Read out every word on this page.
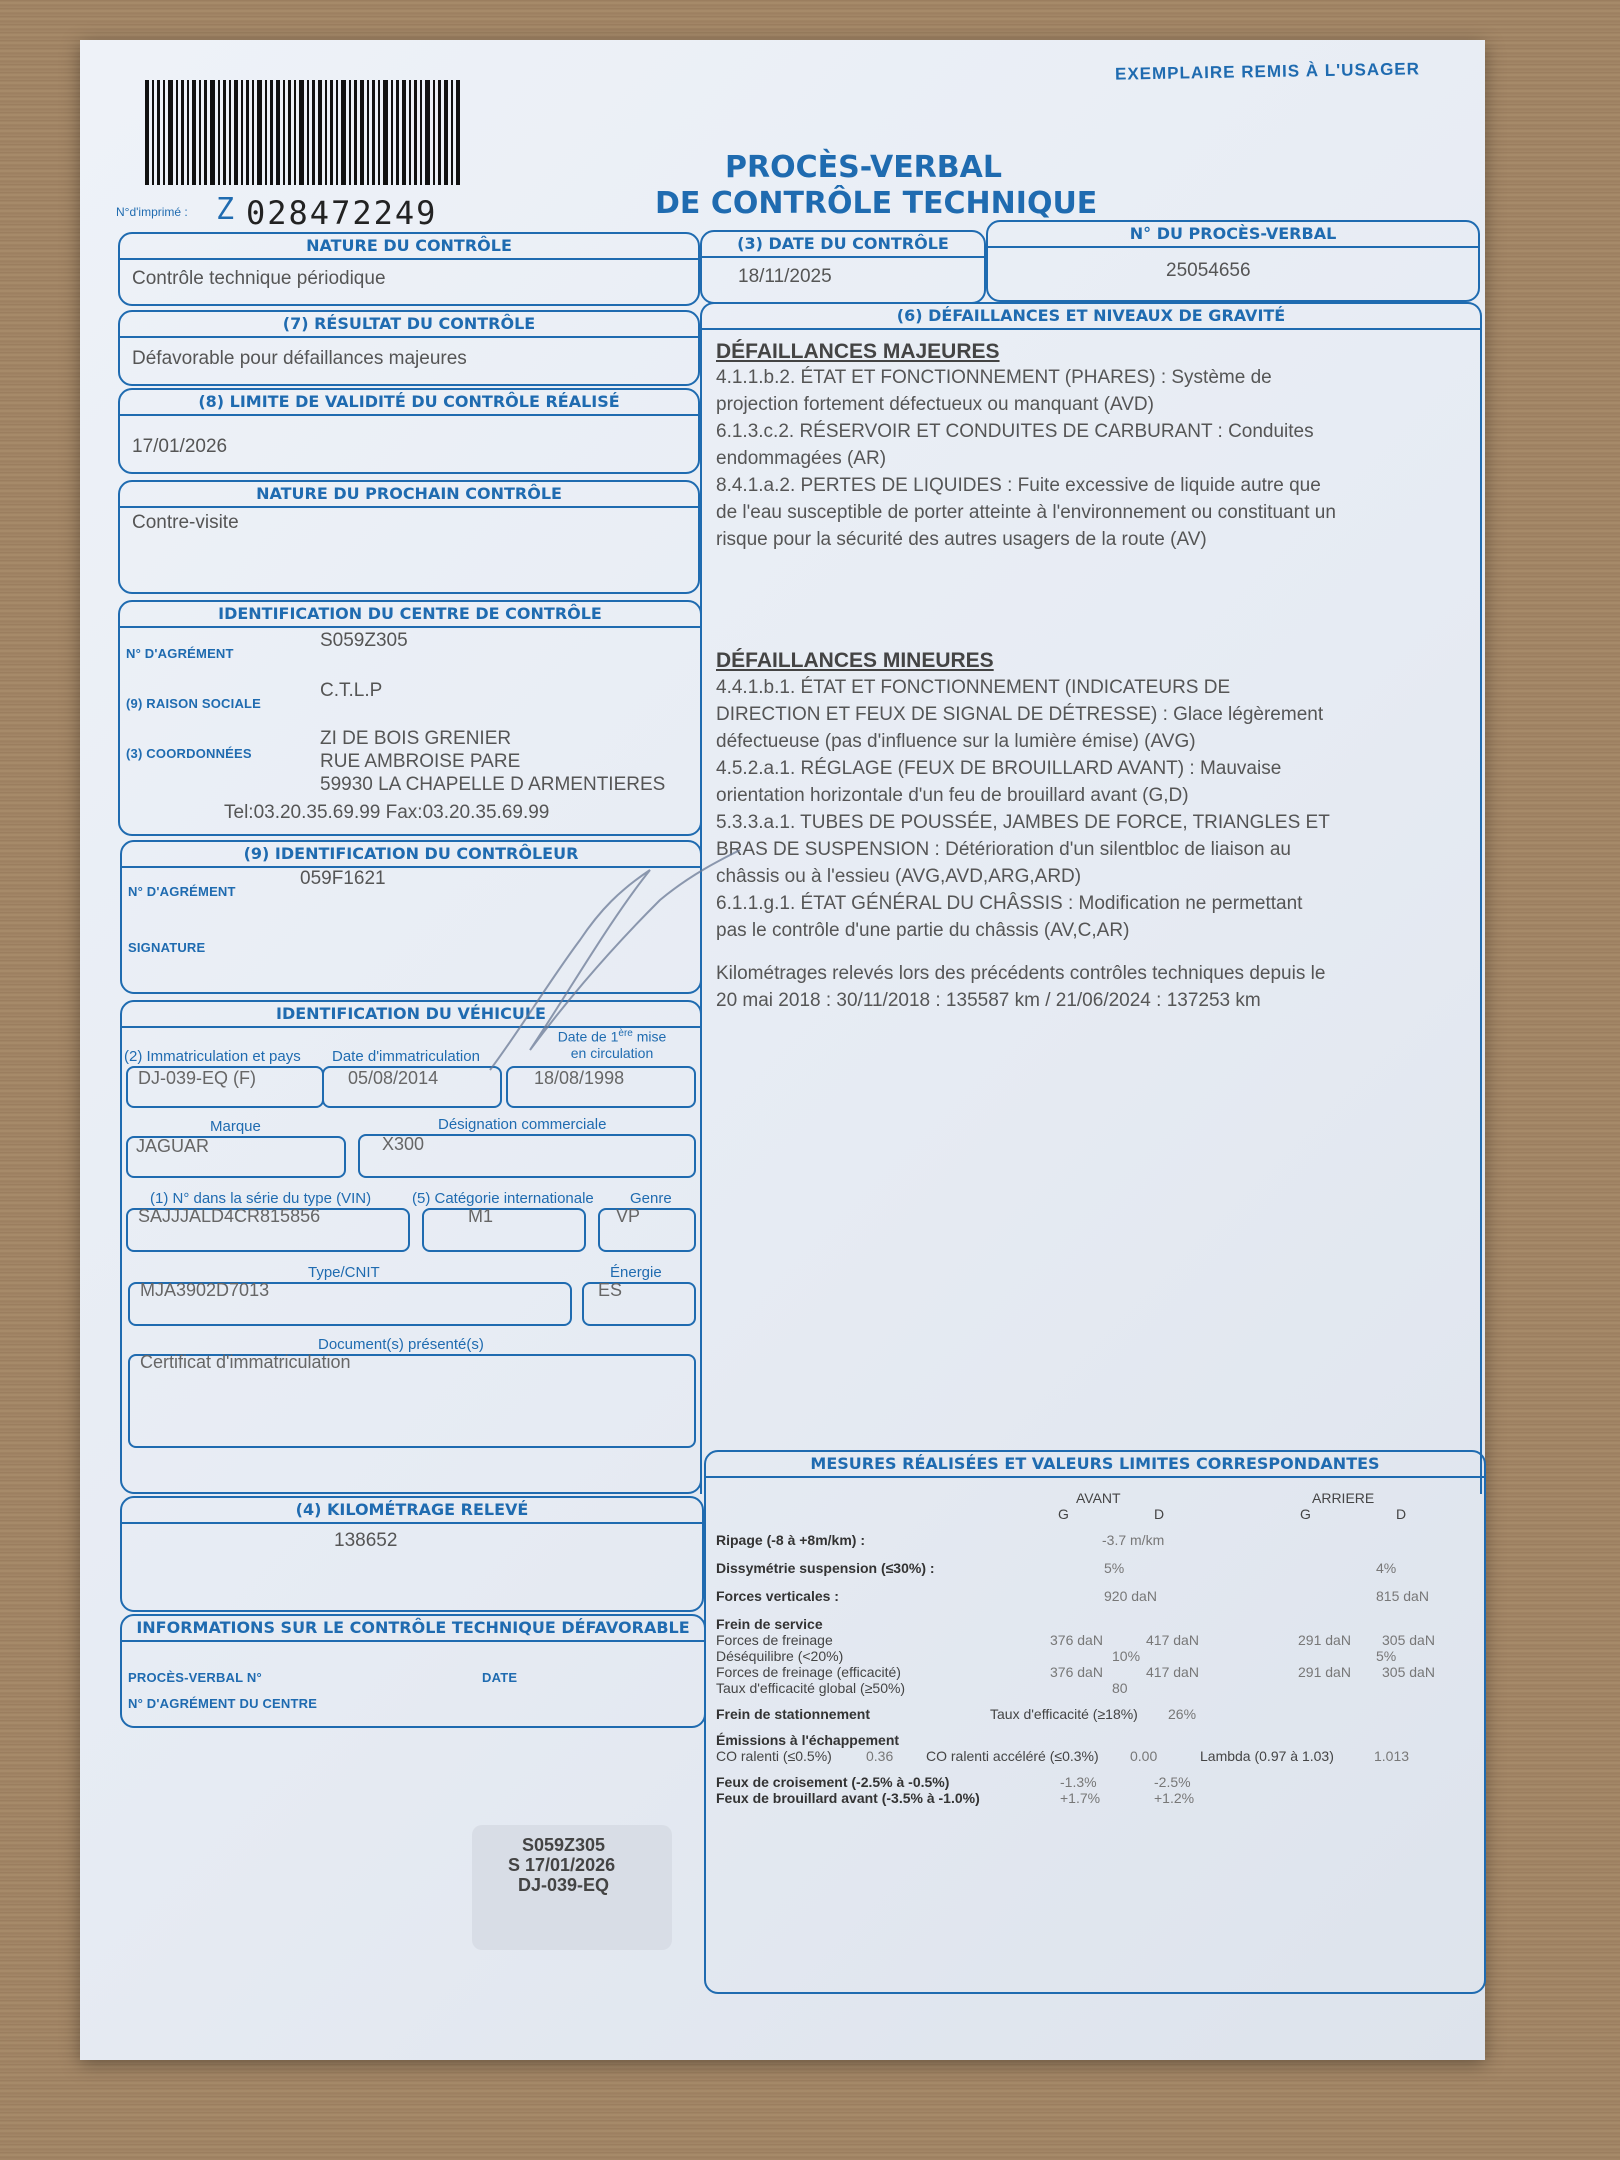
EXEMPLAIRE REMIS À L'USAGER
N°d'imprimé : Z 028472249
PROCÈS-VERBAL
DE CONTRÔLE TECHNIQUE
NATURE DU CONTRÔLE
Contrôle technique périodique
(3) DATE DU CONTRÔLE
18/11/2025
N° DU PROCÈS-VERBAL
25054656
(7) RÉSULTAT DU CONTRÔLE
Défavorable pour défaillances majeures
(8) LIMITE DE VALIDITÉ DU CONTRÔLE RÉALISÉ
17/01/2026
NATURE DU PROCHAIN CONTRÔLE
Contre-visite
IDENTIFICATION DU CENTRE DE CONTRÔLE
N° D'AGRÉMENT
S059Z305
(9) RAISON SOCIALE
C.T.L.P
(3) COORDONNÉES
ZI DE BOIS GRENIER
RUE AMBROISE PARE
59930 LA CHAPELLE D ARMENTIERES
Tel:03.20.35.69.99 Fax:03.20.35.69.99
(9) IDENTIFICATION DU CONTRÔLEUR
N° D'AGRÉMENT
059F1621
SIGNATURE
IDENTIFICATION DU VÉHICULE
(2) Immatriculation et pays Date d'immatriculation
Date de 1ère mise
en circulation
DJ-039-EQ (F)	05/08/2014	18/08/1998
Marque	Désignation commerciale
JAGUAR	X300
(1) N° dans la série du type (VIN)	(5) Catégorie internationale Genre
SAJJJALD4CR815856	M1	VP
Type/CNIT	Énergie
MJA3902D7013	ES
Document(s) présenté(s)
Certificat d'immatriculation
(4) KILOMÉTRAGE RELEVÉ
138652
INFORMATIONS SUR LE CONTRÔLE TECHNIQUE DÉFAVORABLE
PROCÈS-VERBAL N°	DATE
N° D'AGRÉMENT DU CENTRE
(6) DÉFAILLANCES ET NIVEAUX DE GRAVITÉ
DÉFAILLANCES MAJEURES
4.1.1.b.2. ÉTAT ET FONCTIONNEMENT (PHARES) : Système de
projection fortement défectueux ou manquant (AVD)
6.1.3.c.2. RÉSERVOIR ET CONDUITES DE CARBURANT : Conduites
endommagées (AR)
8.4.1.a.2. PERTES DE LIQUIDES : Fuite excessive de liquide autre que
de l'eau susceptible de porter atteinte à l'environnement ou constituant un
risque pour la sécurité des autres usagers de la route (AV)
DÉFAILLANCES MINEURES
4.4.1.b.1. ÉTAT ET FONCTIONNEMENT (INDICATEURS DE
DIRECTION ET FEUX DE SIGNAL DE DÉTRESSE) : Glace légèrement
défectueuse (pas d'influence sur la lumière émise) (AVG)
4.5.2.a.1. RÉGLAGE (FEUX DE BROUILLARD AVANT) : Mauvaise
orientation horizontale d'un feu de brouillard avant (G,D)
5.3.3.a.1. TUBES DE POUSSÉE, JAMBES DE FORCE, TRIANGLES ET
BRAS DE SUSPENSION : Détérioration d'un silentbloc de liaison au
châssis ou à l'essieu (AVG,AVD,ARG,ARD)
6.1.1.g.1. ÉTAT GÉNÉRAL DU CHÂSSIS : Modification ne permettant
pas le contrôle d'une partie du châssis (AV,C,AR)
Kilométrages relevés lors des précédents contrôles techniques depuis le
20 mai 2018 : 30/11/2018 : 135587 km / 21/06/2024 : 137253 km
MESURES RÉALISÉES ET VALEURS LIMITES CORRESPONDANTES
AVANT	ARRIERE
G	D	G	D
Ripage (-8 à +8m/km) :	-3.7 m/km
Dissymétrie suspension (≤30%) :	5%	4%
Forces verticales :	920 daN	815 daN
Frein de service
Forces de freinage	376 daN	417 daN	291 daN 305 daN
Déséquilibre (<20%)	10%	5%
Forces de freinage (efficacité)	376 daN	417 daN	291 daN 305 daN
Taux d'efficacité global (≥50%)	80
Frein de stationnement	Taux d'efficacité (≥18%) 26%
Émissions à l'échappement
CO ralenti (≤0.5%) 0.36 CO ralenti accéléré (≤0.3%) 0.00	Lambda (0.97 à 1.03)	1.013
Feux de croisement (-2.5% à -0.5%)	-1.3%	-2.5%
Feux de brouillard avant (-3.5% à -1.0%)	+1.7%	+1.2%
S059Z305
S 17/01/2026
DJ-039-EQ
